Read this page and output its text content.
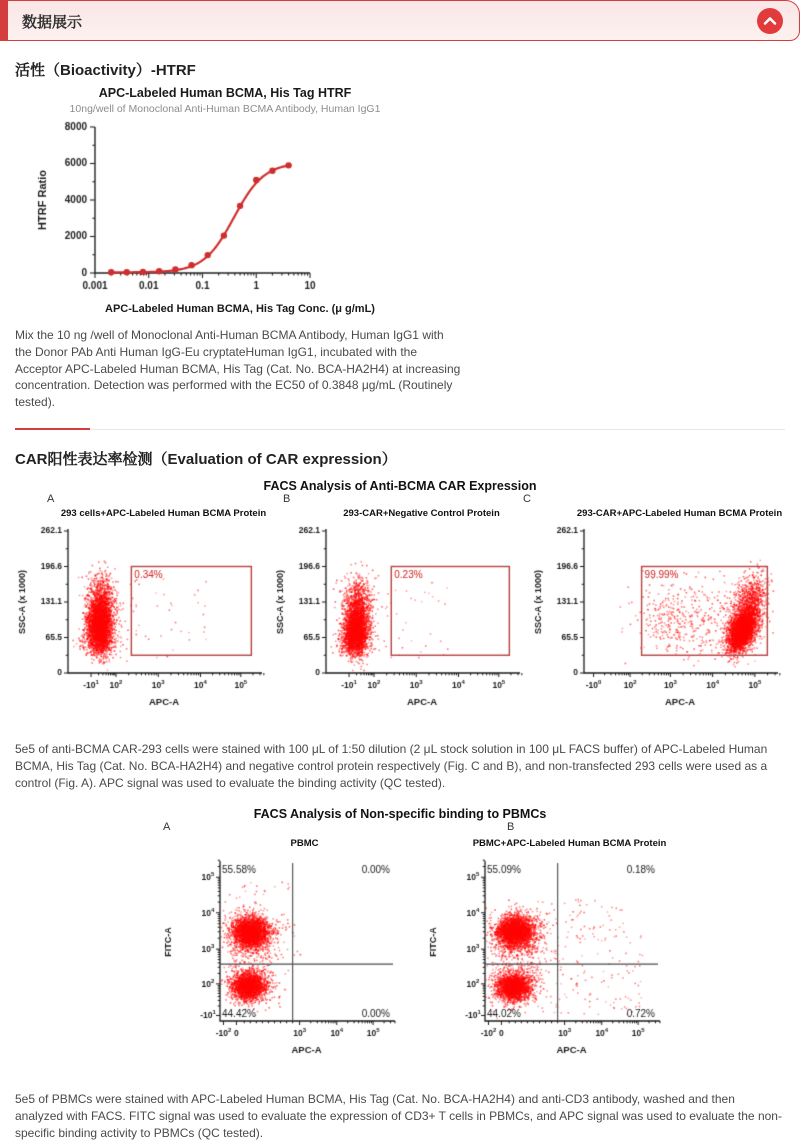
数据展示
活性（Bioactivity）-HTRF
APC-Labeled Human BCMA, His Tag HTRF
10ng/well of Monoclonal Anti-Human BCMA Antibody, Human IgG1
APC-Labeled Human BCMA, His Tag Conc. (μ g/mL)

Mix the 10 ng /well of Monoclonal Anti-Human BCMA Antibody, Human IgG1 with the Donor PAb Anti Human IgG-Eu cryptateHuman IgG1, incubated with the Acceptor APC-Labeled Human BCMA, His Tag (Cat. No. BCA-HA2H4) at increasing concentration. Detection was performed with the EC50 of 0.3848 μg/mL (Routinely tested).

CAR阳性表达率检测（Evaluation of CAR expression）
FACS Analysis of Anti-BCMA CAR Expression
A	B	C
293 cells+APC-Labeled Human BCMA Protein	293-CAR+Negative Control Protein	293-CAR+APC-Labeled Human BCMA Protein

5e5 of anti-BCMA CAR-293 cells were stained with 100 μL of 1:50 dilution (2 μL stock solution in 100 μL FACS buffer) of APC-Labeled Human BCMA, His Tag (Cat. No. BCA-HA2H4) and negative control protein respectively (Fig. C and B), and non-transfected 293 cells were used as a control (Fig. A). APC signal was used to evaluate the binding activity (QC tested).

FACS Analysis of Non-specific binding to PBMCs
A	B
PBMC	PBMC+APC-Labeled Human BCMA Protein

5e5 of PBMCs were stained with APC-Labeled Human BCMA, His Tag (Cat. No. BCA-HA2H4) and anti-CD3 antibody, washed and then analyzed with FACS. FITC signal was used to evaluate the expression of CD3+ T cells in PBMCs, and APC signal was used to evaluate the non-specific binding activity to PBMCs (QC tested).
